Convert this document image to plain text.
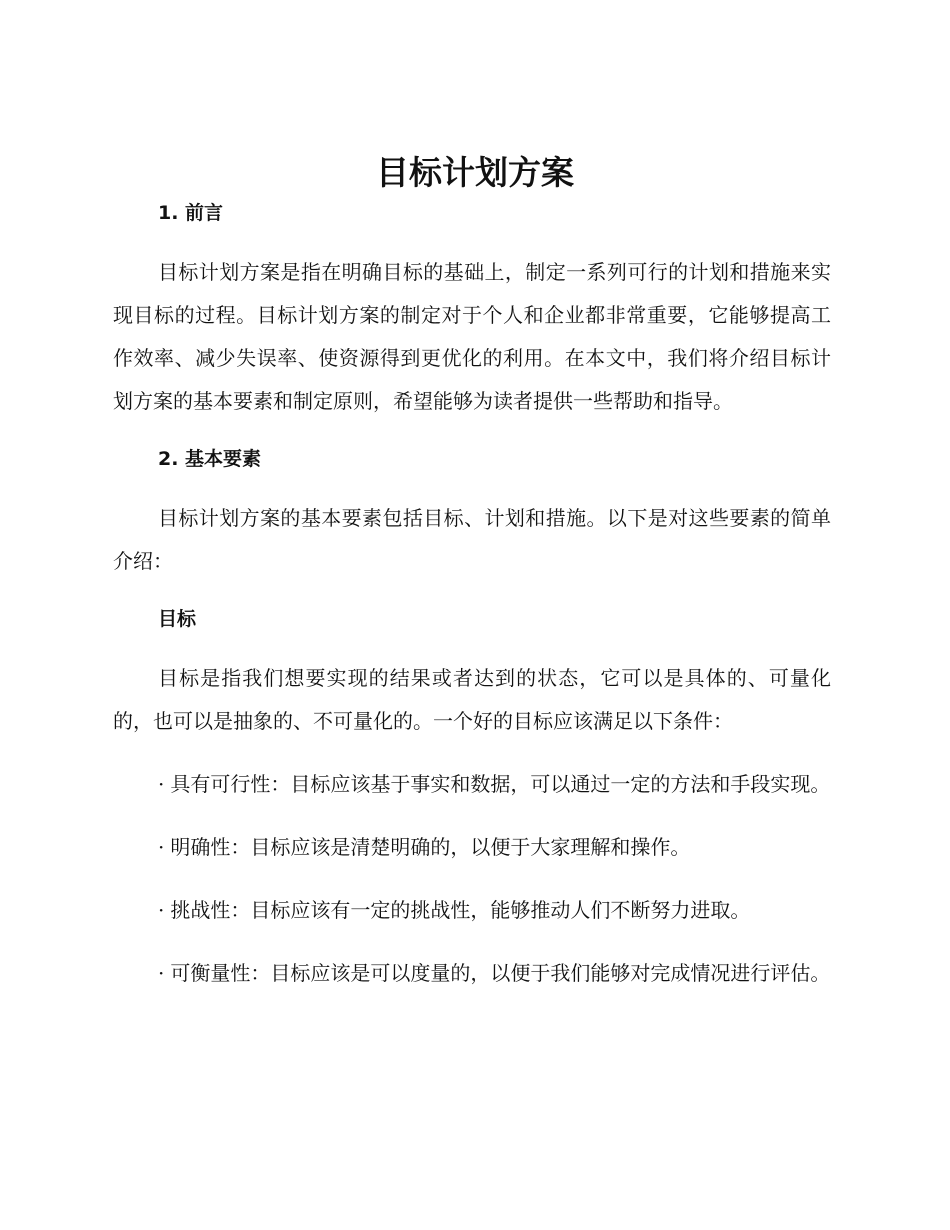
目标计划方案
1. 前言

目标计划方案是指在明确目标的基础上，制定一系列可行的计划和措施来实现目标的过程。目标计划方案的制定对于个人和企业都非常重要，它能够提高工作效率、减少失误率、使资源得到更优化的利用。在本文中，我们将介绍目标计划方案的基本要素和制定原则，希望能够为读者提供一些帮助和指导。

2. 基本要素

目标计划方案的基本要素包括目标、计划和措施。以下是对这些要素的简单介绍：

目标

目标是指我们想要实现的结果或者达到的状态，它可以是具体的、可量化的，也可以是抽象的、不可量化的。一个好的目标应该满足以下条件：

· 具有可行性：目标应该基于事实和数据，可以通过一定的方法和手段实现。

· 明确性：目标应该是清楚明确的，以便于大家理解和操作。

· 挑战性：目标应该有一定的挑战性，能够推动人们不断努力进取。

· 可衡量性：目标应该是可以度量的，以便于我们能够对完成情况进行评估。
